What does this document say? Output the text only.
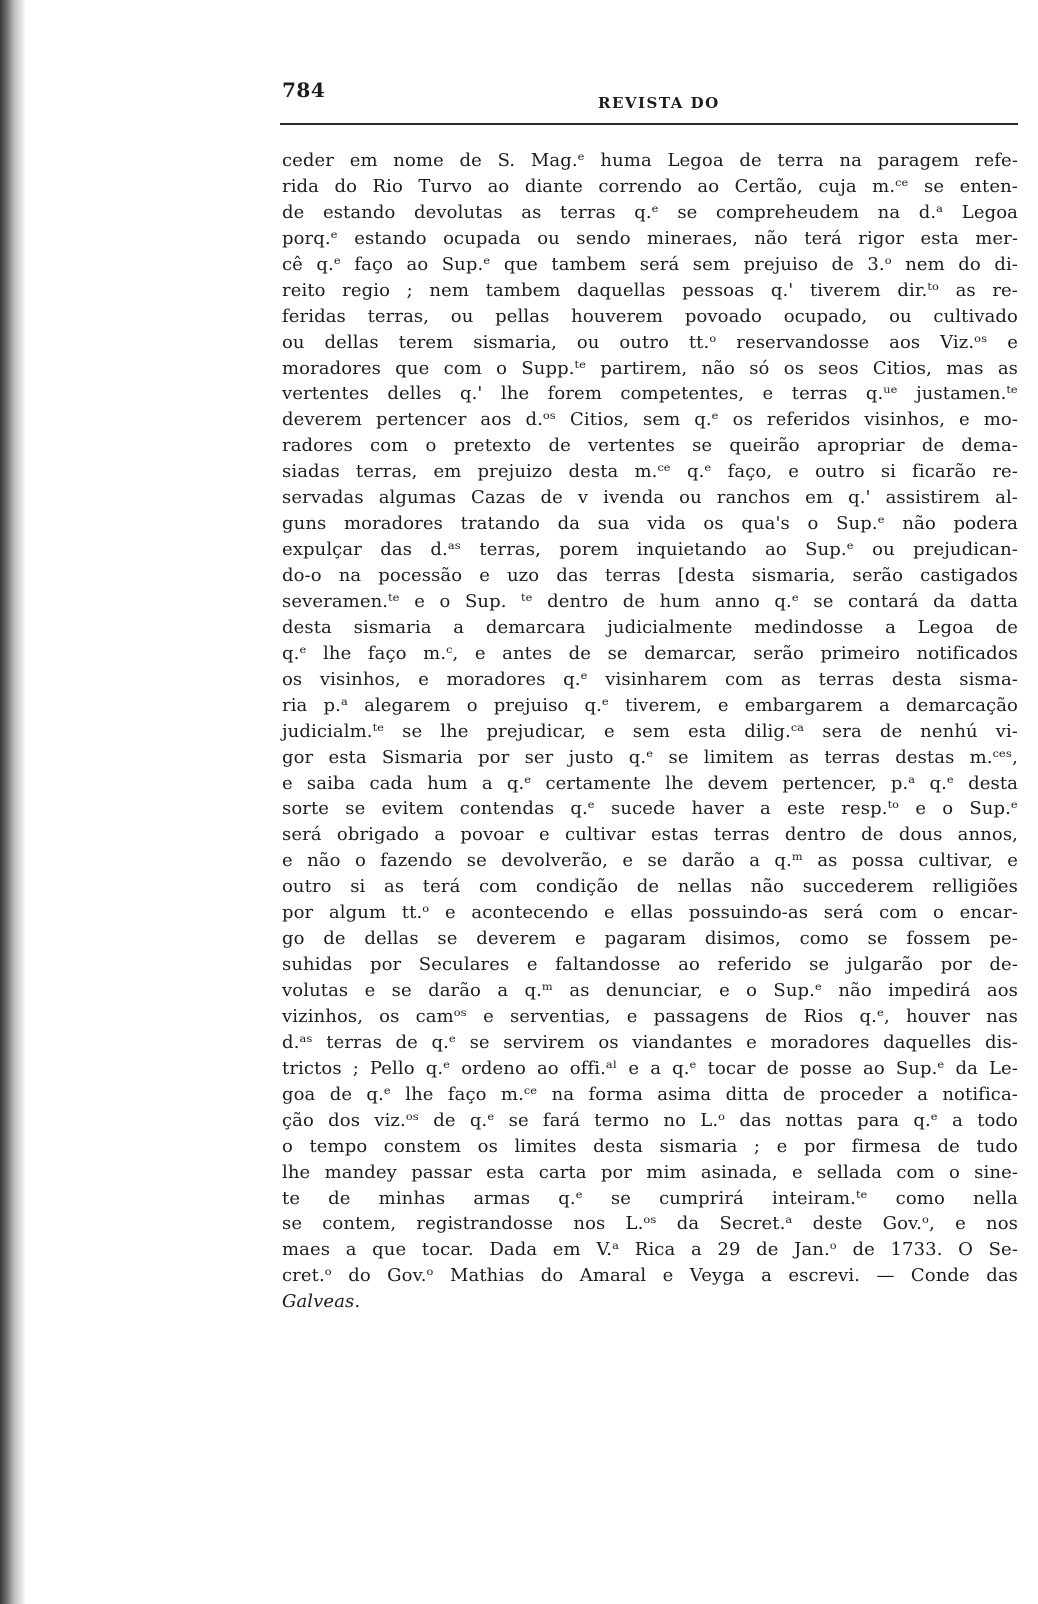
784
REVISTA DO
ceder em nome de S. Mag.ᵉ huma Legoa de terra na paragem refe-
rida do Rio Turvo ao diante correndo ao Certão, cuja m.ᶜᵉ se enten-
de estando devolutas as terras q.ᵉ se compreheudem na d.ᵃ Legoa
porq.ᵉ estando ocupada ou sendo mineraes, não terá rigor esta mer-
cê q.ᵉ faço ao Sup.ᵉ que tambem será sem prejuiso de 3.ᵒ nem do di-
reito regio ; nem tambem daquellas pessoas q.' tiverem dir.ᵗᵒ as re-
feridas terras, ou pellas houverem povoado ocupado, ou cultivado
ou dellas terem sismaria, ou outro tt.ᵒ reservandosse aos Viz.ᵒˢ e
moradores que com o Supp.ᵗᵉ partirem, não só os seos Citios, mas as
vertentes delles q.' lhe forem competentes, e terras q.ᵘᵉ justamen.ᵗᵉ
deverem pertencer aos d.ᵒˢ Citios, sem q.ᵉ os referidos visinhos, e mo-
radores com o pretexto de vertentes se queirão apropriar de dema-
siadas terras, em prejuizo desta m.ᶜᵉ q.ᵉ faço, e outro si ficarão re-
servadas algumas Cazas de v ivenda ou ranchos em q.' assistirem al-
guns moradores tratando da sua vida os qua's o Sup.ᵉ não podera
expulçar das d.ᵃˢ terras, porem inquietando ao Sup.ᵉ ou prejudican-
do-o na pocessão e uzo das terras [desta sismaria, serão castigados
severamen.ᵗᵉ e o Sup. ᵗᵉ dentro de hum anno q.ᵉ se contará da datta
desta sismaria a demarcara judicialmente medindosse a Legoa de
q.ᵉ lhe faço m.ᶜ, e antes de se demarcar, serão primeiro notificados
os visinhos, e moradores q.ᵉ visinharem com as terras desta sisma-
ria p.ᵃ alegarem o prejuiso q.ᵉ tiverem, e embargarem a demarcação
judicialm.ᵗᵉ se lhe prejudicar, e sem esta dilig.ᶜᵃ sera de nenhú vi-
gor esta Sismaria por ser justo q.ᵉ se limitem as terras destas m.ᶜᵉˢ,
e saiba cada hum a q.ᵉ certamente lhe devem pertencer, p.ᵃ q.ᵉ desta
sorte se evitem contendas q.ᵉ sucede haver a este resp.ᵗᵒ e o Sup.ᵉ
será obrigado a povoar e cultivar estas terras dentro de dous annos,
e não o fazendo se devolverão, e se darão a q.ᵐ as possa cultivar, e
outro si as terá com condição de nellas não succederem relligiões
por algum tt.ᵒ e acontecendo e ellas possuindo-as será com o encar-
go de dellas se deverem e pagaram disimos, como se fossem pe-
suhidas por Seculares e faltandosse ao referido se julgarão por de-
volutas e se darão a q.ᵐ as denunciar, e o Sup.ᵉ não impedirá aos
vizinhos, os camᵒˢ e serventias, e passagens de Rios q.ᵉ, houver nas
d.ᵃˢ terras de q.ᵉ se servirem os viandantes e moradores daquelles dis-
trictos ; Pello q.ᵉ ordeno ao offi.ᵃˡ e a q.ᵉ tocar de posse ao Sup.ᵉ da Le-
goa de q.ᵉ lhe faço m.ᶜᵉ na forma asima ditta de proceder a notifica-
ção dos viz.ᵒˢ de q.ᵉ se fará termo no L.ᵒ das nottas para q.ᵉ a todo
o tempo constem os limites desta sismaria ; e por firmesa de tudo
lhe mandey passar esta carta por mim asinada, e sellada com o sine-
te de minhas armas q.ᵉ se cumprirá inteiram.ᵗᵉ como nella
se contem, registrandosse nos L.ᵒˢ da Secret.ᵃ deste Gov.ᵒ, e nos
maes a que tocar. Dada em V.ᵃ Rica a 29 de Jan.ᵒ de 1733. O Se-
cret.ᵒ do Gov.ᵒ Mathias do Amaral e Veyga a escrevi. — Conde das
Galveas.
